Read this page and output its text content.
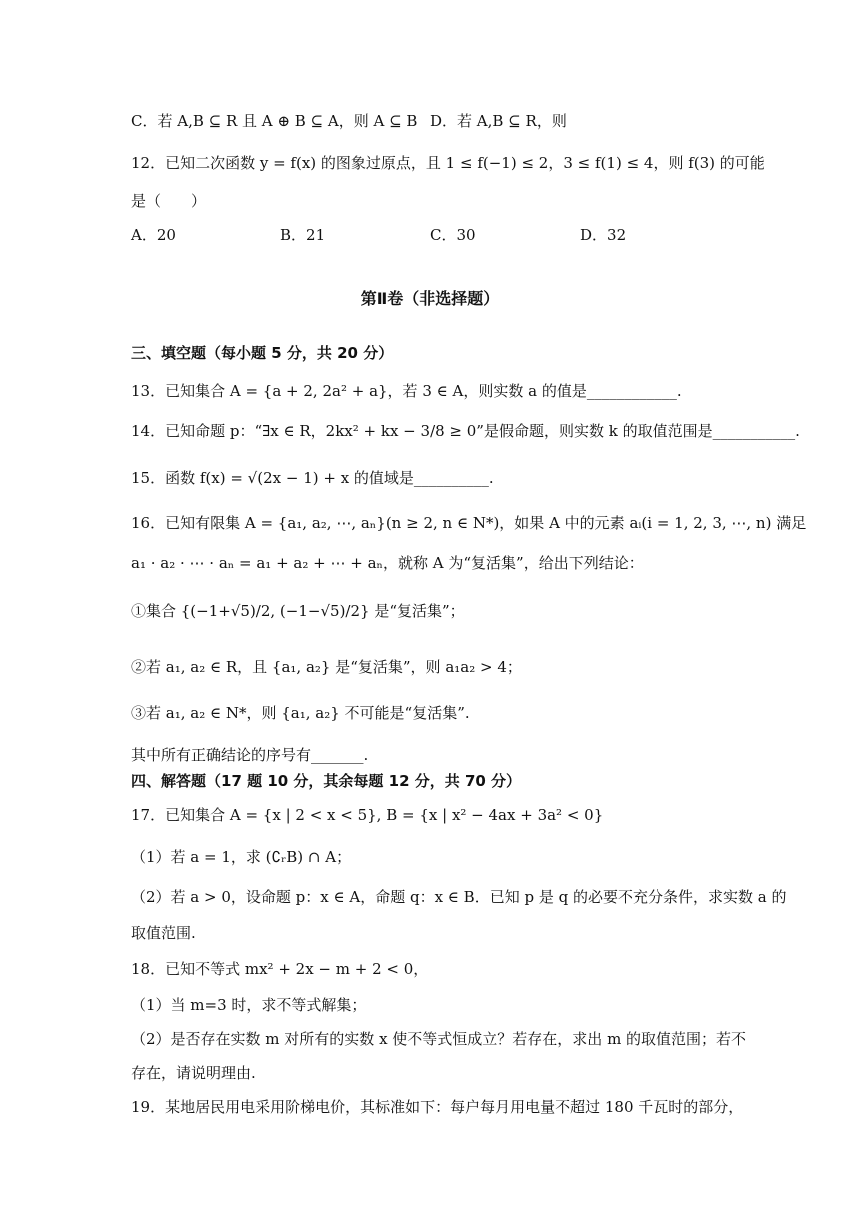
C．若 A,B ⊆ R 且 A ⊕ B ⊆ A，则 A ⊆ B D．若 A,B ⊆ R，则
12．已知二次函数 y = f(x) 的图象过原点，且 1 ≤ f(−1) ≤ 2，3 ≤ f(1) ≤ 4，则 f(3) 的可能
是（　　）
A．20	B．21	C．30	D．32
第Ⅱ卷（非选择题）
三、填空题（每小题 5 分，共 20 分）
13．已知集合 A = {a + 2, 2a² + a}，若 3 ∈ A，则实数 a 的值是____________.
14．已知命题 p：“∃x ∈ R，2kx² + kx − 3/8 ≥ 0”是假命题，则实数 k 的取值范围是___________.
15．函数 f(x) = √(2x − 1) + x 的值域是__________.
16．已知有限集 A = {a₁, a₂, ⋯, aₙ}(n ≥ 2, n ∈ N*)，如果 A 中的元素 aᵢ(i = 1, 2, 3, ⋯, n) 满足
a₁ · a₂ · ⋯ · aₙ = a₁ + a₂ + ⋯ + aₙ，就称 A 为“复活集”，给出下列结论：
①集合 {(−1+√5)/2, (−1−√5)/2} 是“复活集”；
②若 a₁, a₂ ∈ R，且 {a₁, a₂} 是“复活集”，则 a₁a₂ > 4；
③若 a₁, a₂ ∈ N*，则 {a₁, a₂} 不可能是“复活集”.
其中所有正确结论的序号有_______.
四、解答题（17 题 10 分，其余每题 12 分，共 70 分）
17．已知集合 A = {x | 2 < x < 5}, B = {x | x² − 4ax + 3a² < 0}
（1）若 a = 1，求 (∁ᵣB) ∩ A；
（2）若 a > 0，设命题 p：x ∈ A，命题 q：x ∈ B．已知 p 是 q 的必要不充分条件，求实数 a 的
取值范围.
18．已知不等式 mx² + 2x − m + 2 < 0，
（1）当 m=3 时，求不等式解集；
（2）是否存在实数 m 对所有的实数 x 使不等式恒成立？若存在，求出 m 的取值范围；若不
存在，请说明理由.
19．某地居民用电采用阶梯电价，其标准如下：每户每月用电量不超过 180 千瓦时的部分，
